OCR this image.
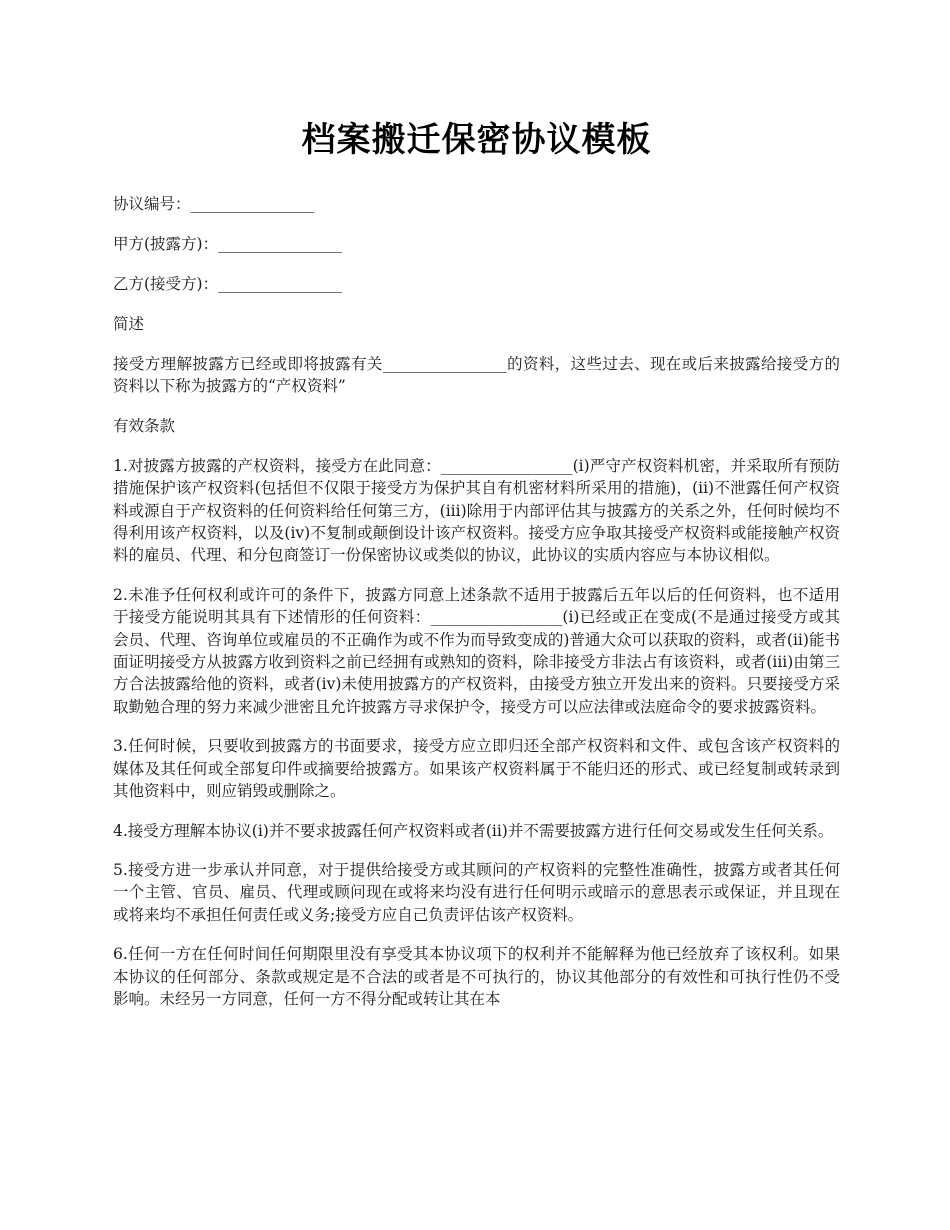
档案搬迁保密协议模板

协议编号：________________

甲方(披露方)：________________

乙方(接受方)：________________

简述

接受方理解披露方已经或即将披露有关________________的资料，这些过去、现在或后来披露给接受方的资料以下称为披露方的“产权资料”

有效条款

1.对披露方披露的产权资料，接受方在此同意：_________________(i)严守产权资料机密，并采取所有预防措施保护该产权资料(包括但不仅限于接受方为保护其自有机密材料所采用的措施)，(ii)不泄露任何产权资料或源自于产权资料的任何资料给任何第三方，(iii)除用于内部评估其与披露方的关系之外，任何时候均不得利用该产权资料，以及(iv)不复制或颠倒设计该产权资料。接受方应争取其接受产权资料或能接触产权资料的雇员、代理、和分包商签订一份保密协议或类似的协议，此协议的实质内容应与本协议相似。

2.未准予任何权利或许可的条件下，披露方同意上述条款不适用于披露后五年以后的任何资料，也不适用于接受方能说明其具有下述情形的任何资料：_________________(i)已经或正在变成(不是通过接受方或其会员、代理、咨询单位或雇员的不正确作为或不作为而导致变成的)普通大众可以获取的资料，或者(ii)能书面证明接受方从披露方收到资料之前已经拥有或熟知的资料，除非接受方非法占有该资料，或者(iii)由第三方合法披露给他的资料，或者(iv)未使用披露方的产权资料，由接受方独立开发出来的资料。只要接受方采取勤勉合理的努力来减少泄密且允许披露方寻求保护令，接受方可以应法律或法庭命令的要求披露资料。

3.任何时候，只要收到披露方的书面要求，接受方应立即归还全部产权资料和文件、或包含该产权资料的媒体及其任何或全部复印件或摘要给披露方。如果该产权资料属于不能归还的形式、或已经复制或转录到其他资料中，则应销毁或删除之。

4.接受方理解本协议(i)并不要求披露任何产权资料或者(ii)并不需要披露方进行任何交易或发生任何关系。

5.接受方进一步承认并同意，对于提供给接受方或其顾问的产权资料的完整性准确性，披露方或者其任何一个主管、官员、雇员、代理或顾问现在或将来均没有进行任何明示或暗示的意思表示或保证，并且现在或将来均不承担任何责任或义务;接受方应自己负责评估该产权资料。

6.任何一方在任何时间任何期限里没有享受其本协议项下的权利并不能解释为他已经放弃了该权利。如果本协议的任何部分、条款或规定是不合法的或者是不可执行的，协议其他部分的有效性和可执行性仍不受影响。未经另一方同意，任何一方不得分配或转让其在本
